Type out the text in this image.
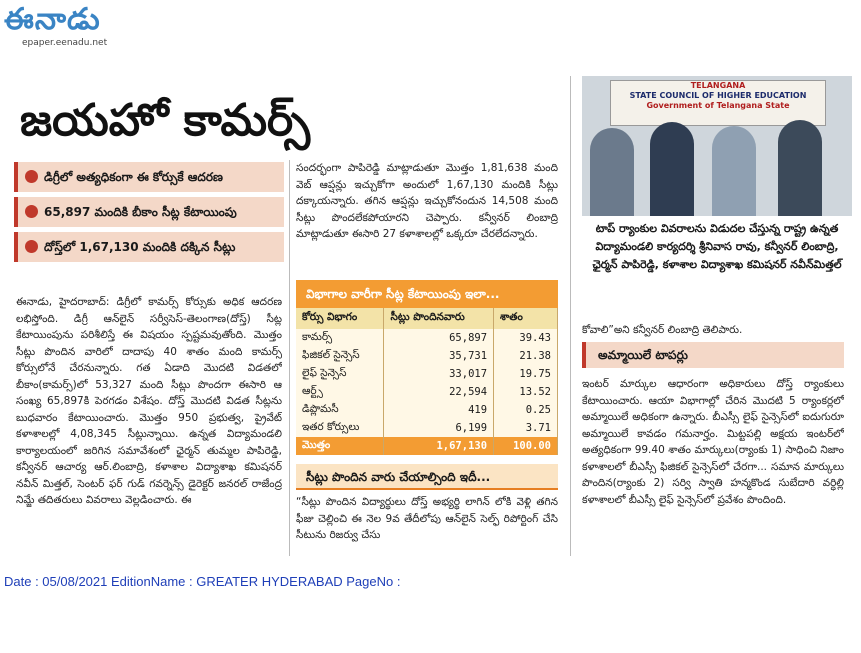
ఈనాడు
epaper.eenadu.net
జయహో కామర్స్
డిగ్రీలో అత్యధికంగా ఈ కోర్సుకే ఆదరణ
65,897 మందికి బీకాం సీట్ల కేటాయింపు
దోస్త్‌లో 1,67,130 మందికి దక్కిన సీట్లు
ఈనాడు, హైదరాబాద్: డిగ్రీలో కామర్స్ కోర్సుకు అధిక ఆదరణ లభిస్తోంది. డిగ్రీ ఆన్‌లైన్ సర్వీసెస్-తెలంగాణ(దోస్త్) సీట్ల కేటాయింపును పరిశీలిస్తే ఈ విషయం స్పష్టమవుతోంది. మొత్తం సీట్లు పొందిన వారిలో దాదాపు 40 శాతం మంది కామర్స్ కోర్సులోనే చేరనున్నారు. గత ఏడాది మొదటి విడతలో బీకాం(కామర్స్)లో 53,327 మంది సీట్లు పొందగా ఈసారి ఆ సంఖ్య 65,897కి పెరగడం విశేషం. దోస్త్ మొదటి విడత సీట్లను బుధవారం కేటాయించారు. మొత్తం 950 ప్రభుత్వ, ప్రైవేట్ కళాశాలల్లో 4,08,345 సీట్లున్నాయి. ఉన్నత విద్యామండలి కార్యాలయంలో జరిగిన సమావేశంలో ఛైర్మన్ తుమ్మల పాపిరెడ్డి, కన్వీనర్ ఆచార్య ఆర్.లింబాద్రి, కళాశాల విద్యాశాఖ కమిషనర్ నవీన్ మిత్తల్, సెంటర్ ఫర్ గుడ్ గవర్నెన్స్ డైరెక్టర్ జనరల్ రాజేంద్ర నిమ్జే తదితరులు వివరాలు వెల్లడించారు. ఈ
సందర్భంగా పాపిరెడ్డి మాట్లాడుతూ మొత్తం 1,81,638 మంది వెబ్ ఆప్షన్లు ఇచ్చుకోగా అందులో 1,67,130 మందికి సీట్లు దక్కాయన్నారు. తగిన ఆప్షన్లు ఇచ్చుకోనందున 14,508 మంది సీట్లు పొందలేకపోయారని చెప్పారు. కన్వీనర్ లింబాద్రి మాట్లాడుతూ ఈసారి 27 కళాశాలల్లో ఒక్కరూ చేరలేదన్నారు.
విభాగాల వారీగా సీట్ల కేటాయింపు ఇలా...
కోర్సు విభాగం	సీట్లు పొందినవారు	శాతం
కామర్స్	65,897	39.43
ఫిజికల్ సైన్సెస్	35,731	21.38
లైఫ్ సైన్సెస్	33,017	19.75
ఆర్ట్స్	22,594	13.52
డిప్లొమసీ	419	0.25
ఇతర కోర్సులు	6,199	3.71
మొత్తం	1,67,130	100.00
సీట్లు పొందిన వారు చేయాల్సింది ఇదీ...
“సీట్లు పొందిన విద్యార్థులు దోస్త్ అభ్యర్థి లాగిన్ లోకి వెళ్లి తగిన ఫీజు చెల్లించి ఈ నెల 9వ తేదీలోపు ఆన్‌లైన్ సెల్ఫ్ రిపోర్టింగ్ చేసి సీటును రిజర్వు చేసు
TELANGANA
STATE COUNCIL OF HIGHER EDUCATION
Government of Telangana State
టాప్ ర్యాంకుల వివరాలను విడుదల చేస్తున్న రాష్ట్ర ఉన్నత విద్యామండలి కార్యదర్శి శ్రీనివాస రావు, కన్వీనర్ లింబాద్రి, ఛైర్మన్ పాపిరెడ్డి, కళాశాల విద్యాశాఖ కమిషనర్ నవీన్‌మిత్తల్
కోవాలి”అని కన్వీనర్ లింబాద్రి తెలిపారు.
అమ్మాయిలే టాపర్లు
ఇంటర్ మార్కుల ఆధారంగా అధికారులు దోస్త్ ర్యాంకులు కేటాయించారు. ఆయా విభాగాల్లో చేరిన మొదటి 5 ర్యాంకర్లలో అమ్మాయిలే అధికంగా ఉన్నారు. బీఎస్సీ లైఫ్ సైన్సెస్‌లో ఐదుగురూ అమ్మాయిలే కావడం గమనార్హం. మిట్టపల్లి అక్షయ ఇంటర్‌లో అత్యధికంగా 99.40 శాతం మార్కులు(ర్యాంకు 1) సాధించి నిజాం కళాశాలలో బీఎస్సీ ఫిజికల్ సైన్సెస్‌లో చేరగా... సమాన మార్కులు పొందిన(ర్యాంకు 2) సర్వి స్వాతి హన్మకొండ సుబేదారి వర్ధిల్లి కళాశాలలో బీఎస్సీ లైఫ్ సైన్సెస్‌లో ప్రవేశం పొందింది.
Date : 05/08/2021 EditionName : GREATER HYDERABAD PageNo :
